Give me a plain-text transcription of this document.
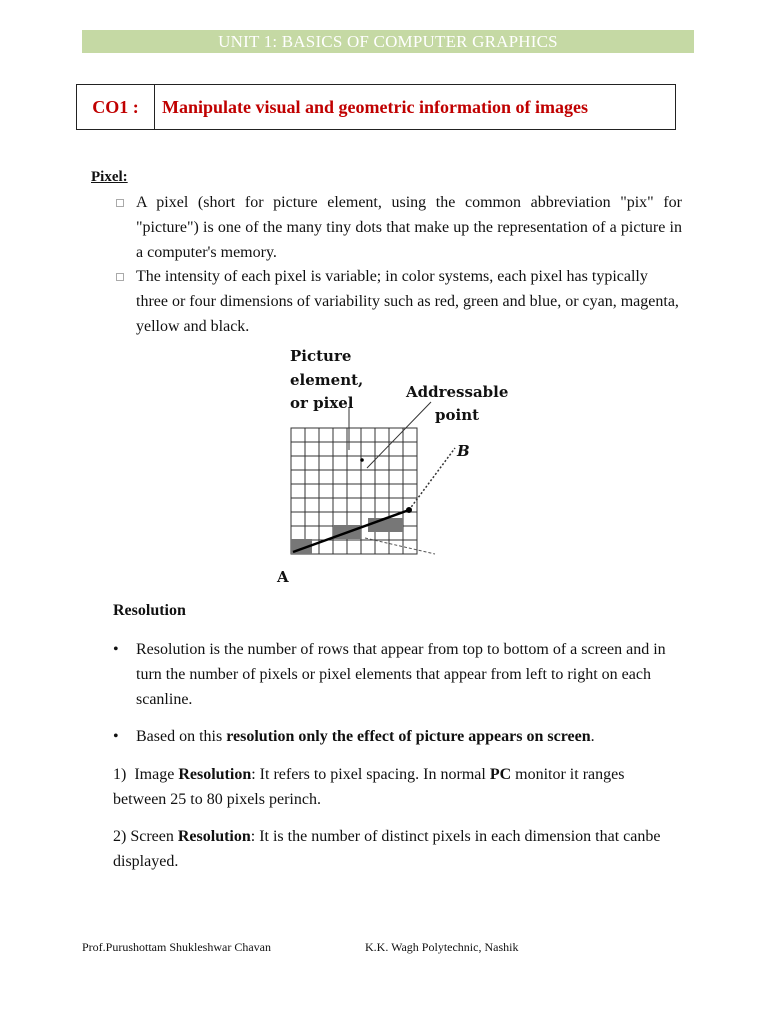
UNIT 1: BASICS OF COMPUTER GRAPHICS
CO1 :	Manipulate visual and geometric information of images
Pixel:
A pixel (short for picture element, using the common abbreviation "pix" for "picture") is one of the many tiny dots that make up the representation of a picture in a computer's memory.
The intensity of each pixel is variable; in color systems, each pixel has typically three or four dimensions of variability such as red, green and blue, or cyan, magenta, yellow and black.
Picture
element,
or pixel
Addressable
point
B
A
Resolution
• Resolution is the number of rows that appear from top to bottom of a screen and in turn the number of pixels or pixel elements that appear from left to right on each scanline.
• Based on this resolution only the effect of picture appears on screen.
1) Image Resolution: It refers to pixel spacing. In normal PC monitor it ranges between 25 to 80 pixels perinch.
2) Screen Resolution: It is the number of distinct pixels in each dimension that canbe displayed.
Prof.Purushottam Shukleshwar Chavan	K.K. Wagh Polytechnic, Nashik
